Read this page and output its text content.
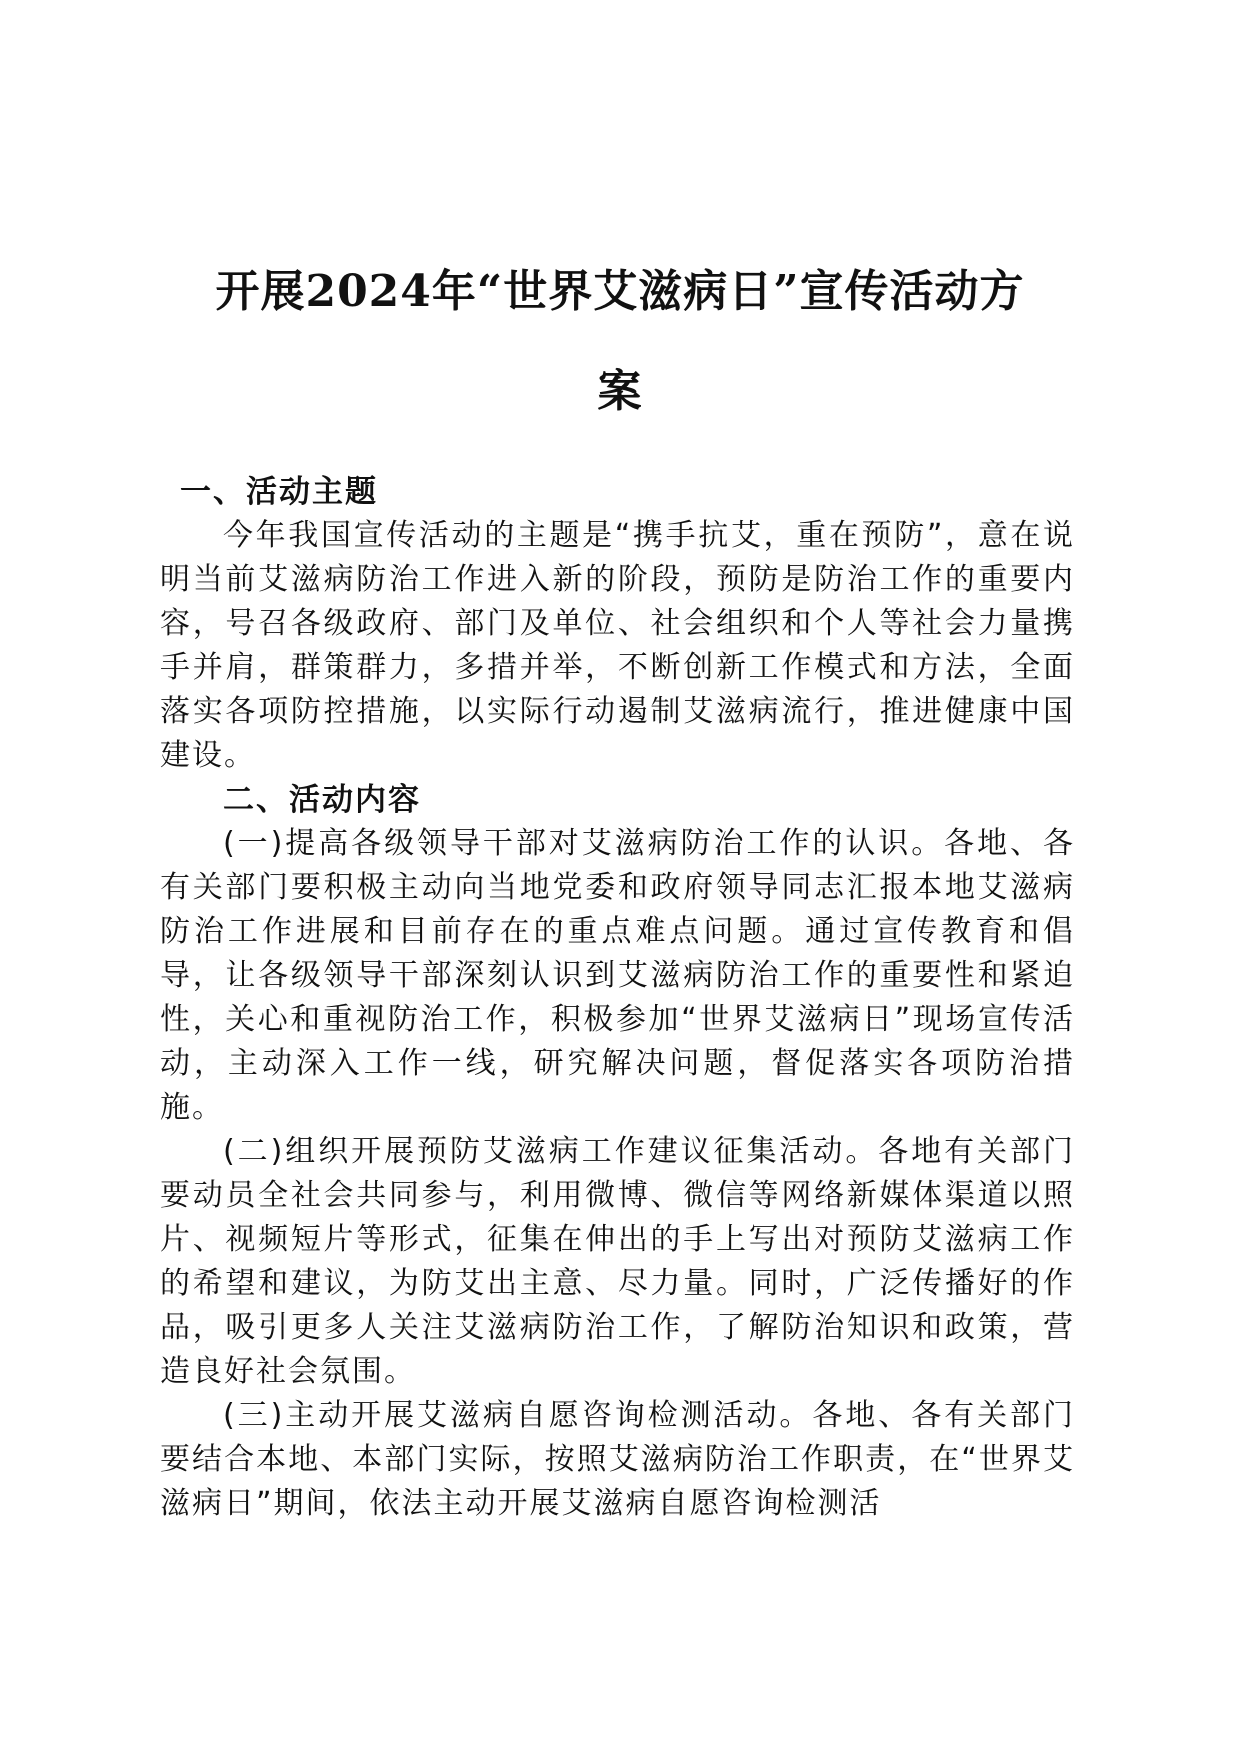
开展2024年“世界艾滋病日”宣传活动方
案

一、活动主题

今年我国宣传活动的主题是“携手抗艾，重在预防”，意在说明当前艾滋病防治工作进入新的阶段，预防是防治工作的重要内容，号召各级政府、部门及单位、社会组织和个人等社会力量携手并肩，群策群力，多措并举，不断创新工作模式和方法，全面落实各项防控措施，以实际行动遏制艾滋病流行，推进健康中国建设。

二、活动内容

(一)提高各级领导干部对艾滋病防治工作的认识。各地、各有关部门要积极主动向当地党委和政府领导同志汇报本地艾滋病防治工作进展和目前存在的重点难点问题。通过宣传教育和倡导，让各级领导干部深刻认识到艾滋病防治工作的重要性和紧迫性，关心和重视防治工作，积极参加“世界艾滋病日”现场宣传活动，主动深入工作一线，研究解决问题，督促落实各项防治措施。

(二)组织开展预防艾滋病工作建议征集活动。各地有关部门要动员全社会共同参与，利用微博、微信等网络新媒体渠道以照片、视频短片等形式，征集在伸出的手上写出对预防艾滋病工作的希望和建议，为防艾出主意、尽力量。同时，广泛传播好的作品，吸引更多人关注艾滋病防治工作，了解防治知识和政策，营造良好社会氛围。

(三)主动开展艾滋病自愿咨询检测活动。各地、各有关部门要结合本地、本部门实际，按照艾滋病防治工作职责，在“世界艾滋病日”期间，依法主动开展艾滋病自愿咨询检测活
